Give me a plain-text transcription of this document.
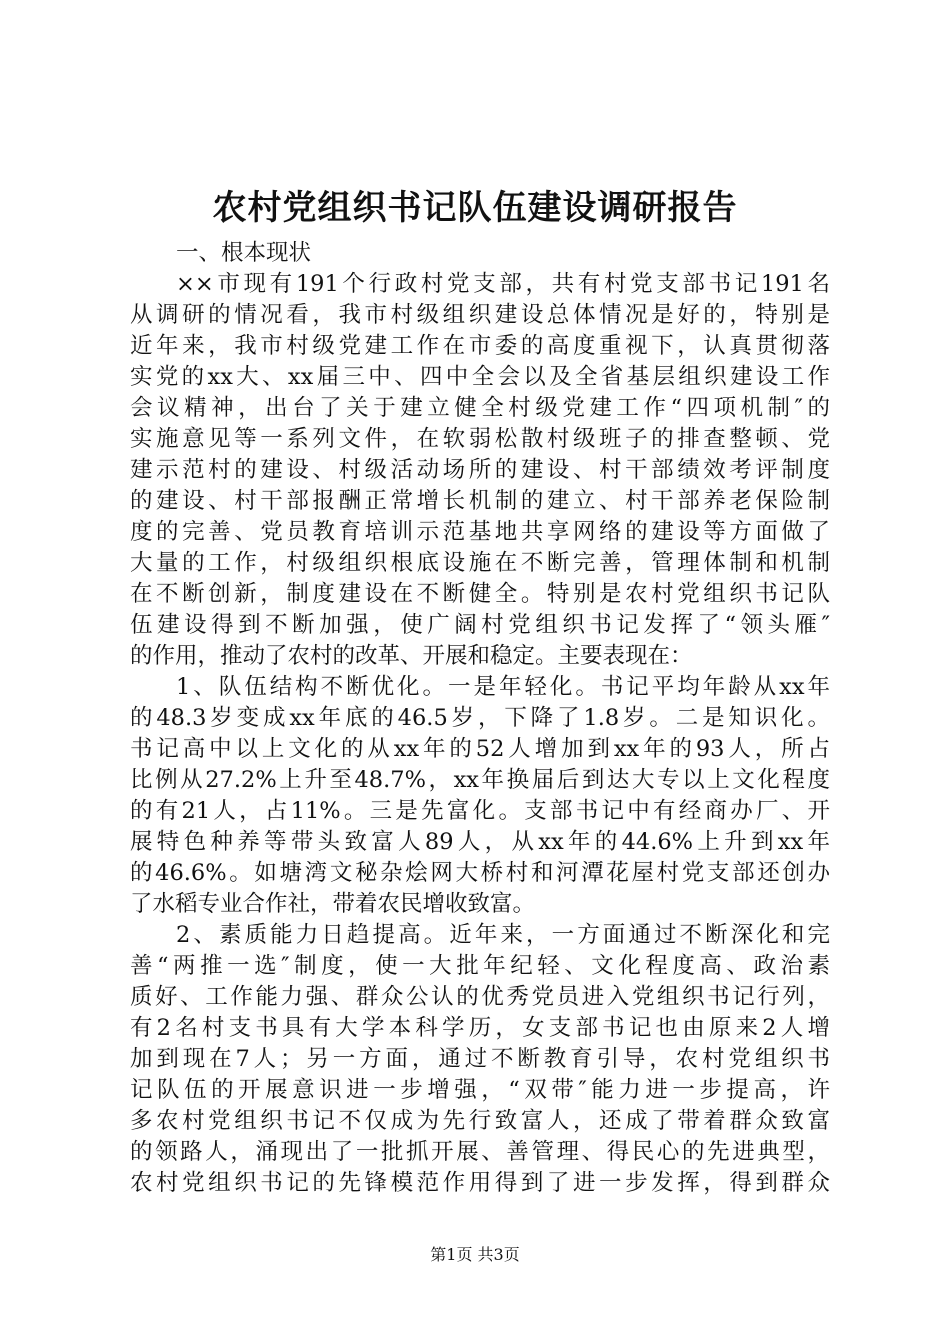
农村党组织书记队伍建设调研报告
一、根本现状
××市现有191个行政村党支部，共有村党支部书记191名
从调研的情况看，我市村级组织建设总体情况是好的，特别是
近年来，我市村级党建工作在市委的高度重视下，认真贯彻落
实党的xx大、xx届三中、四中全会以及全省基层组织建设工作
会议精神，出台了关于建立健全村级党建工作“四项机制″的
实施意见等一系列文件，在软弱松散村级班子的排查整顿、党
建示范村的建设、村级活动场所的建设、村干部绩效考评制度
的建设、村干部报酬正常增长机制的建立、村干部养老保险制
度的完善、党员教育培训示范基地共享网络的建设等方面做了
大量的工作，村级组织根底设施在不断完善，管理体制和机制
在不断创新，制度建设在不断健全。特别是农村党组织书记队
伍建设得到不断加强，使广阔村党组织书记发挥了“领头雁″
的作用，推动了农村的改革、开展和稳定。主要表现在：
1、队伍结构不断优化。一是年轻化。书记平均年龄从xx年
的48.3岁变成xx年底的46.5岁，下降了1.8岁。二是知识化。
书记高中以上文化的从xx年的52人增加到xx年的93人，所占
比例从27.2%上升至48.7%，xx年换届后到达大专以上文化程度
的有21人，占11%。三是先富化。支部书记中有经商办厂、开
展特色种养等带头致富人89人，从xx年的44.6%上升到xx年
的46.6%。如塘湾文秘杂烩网大桥村和河潭花屋村党支部还创办
了水稻专业合作社，带着农民增收致富。
2、素质能力日趋提高。近年来，一方面通过不断深化和完
善“两推一选″制度，使一大批年纪轻、文化程度高、政治素
质好、工作能力强、群众公认的优秀党员进入党组织书记行列，
有2名村支书具有大学本科学历，女支部书记也由原来2人增
加到现在7人；另一方面，通过不断教育引导，农村党组织书
记队伍的开展意识进一步增强，“双带″能力进一步提高，许
多农村党组织书记不仅成为先行致富人，还成了带着群众致富
的领路人，涌现出了一批抓开展、善管理、得民心的先进典型，
农村党组织书记的先锋模范作用得到了进一步发挥，得到群众
第1页 共3页
